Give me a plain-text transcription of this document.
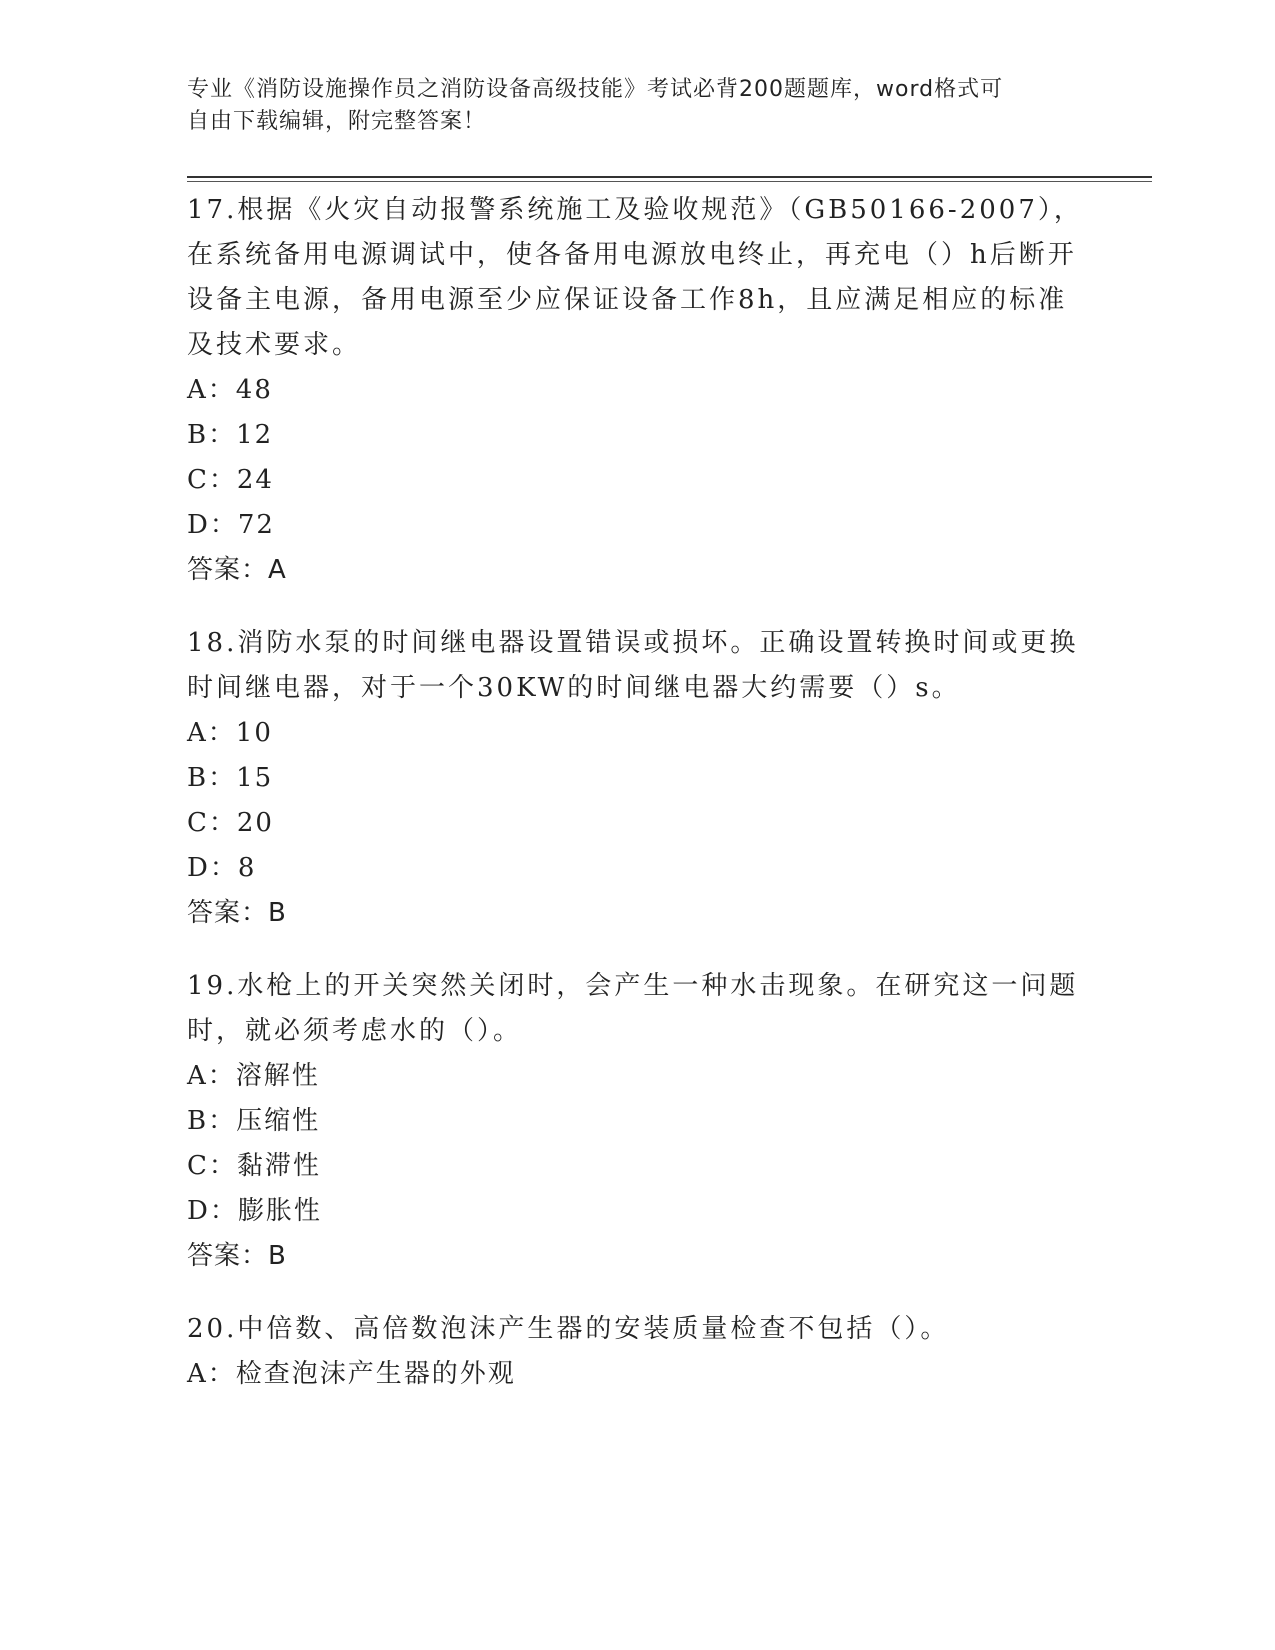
专业《消防设施操作员之消防设备高级技能》考试必背200题题库，word格式可
自由下载编辑，附完整答案！

17.根据《火灾自动报警系统施工及验收规范》（GB50166-2007），在系统备用电源调试中，使各备用电源放电终止，再充电（）h后断开设备主电源，备用电源至少应保证设备工作8h，且应满足相应的标准及技术要求。

A：48

B：12

C：24

D：72

答案：A

18.消防水泵的时间继电器设置错误或损坏。正确设置转换时间或更换时间继电器，对于一个30KW的时间继电器大约需要（）s。

A：10

B：15

C：20

D：8

答案：B

19.水枪上的开关突然关闭时，会产生一种水击现象。在研究这一问题时，就必须考虑水的（）。

A：溶解性

B：压缩性

C：黏滞性

D：膨胀性

答案：B

20.中倍数、高倍数泡沫产生器的安装质量检查不包括（）。

A：检查泡沫产生器的外观
